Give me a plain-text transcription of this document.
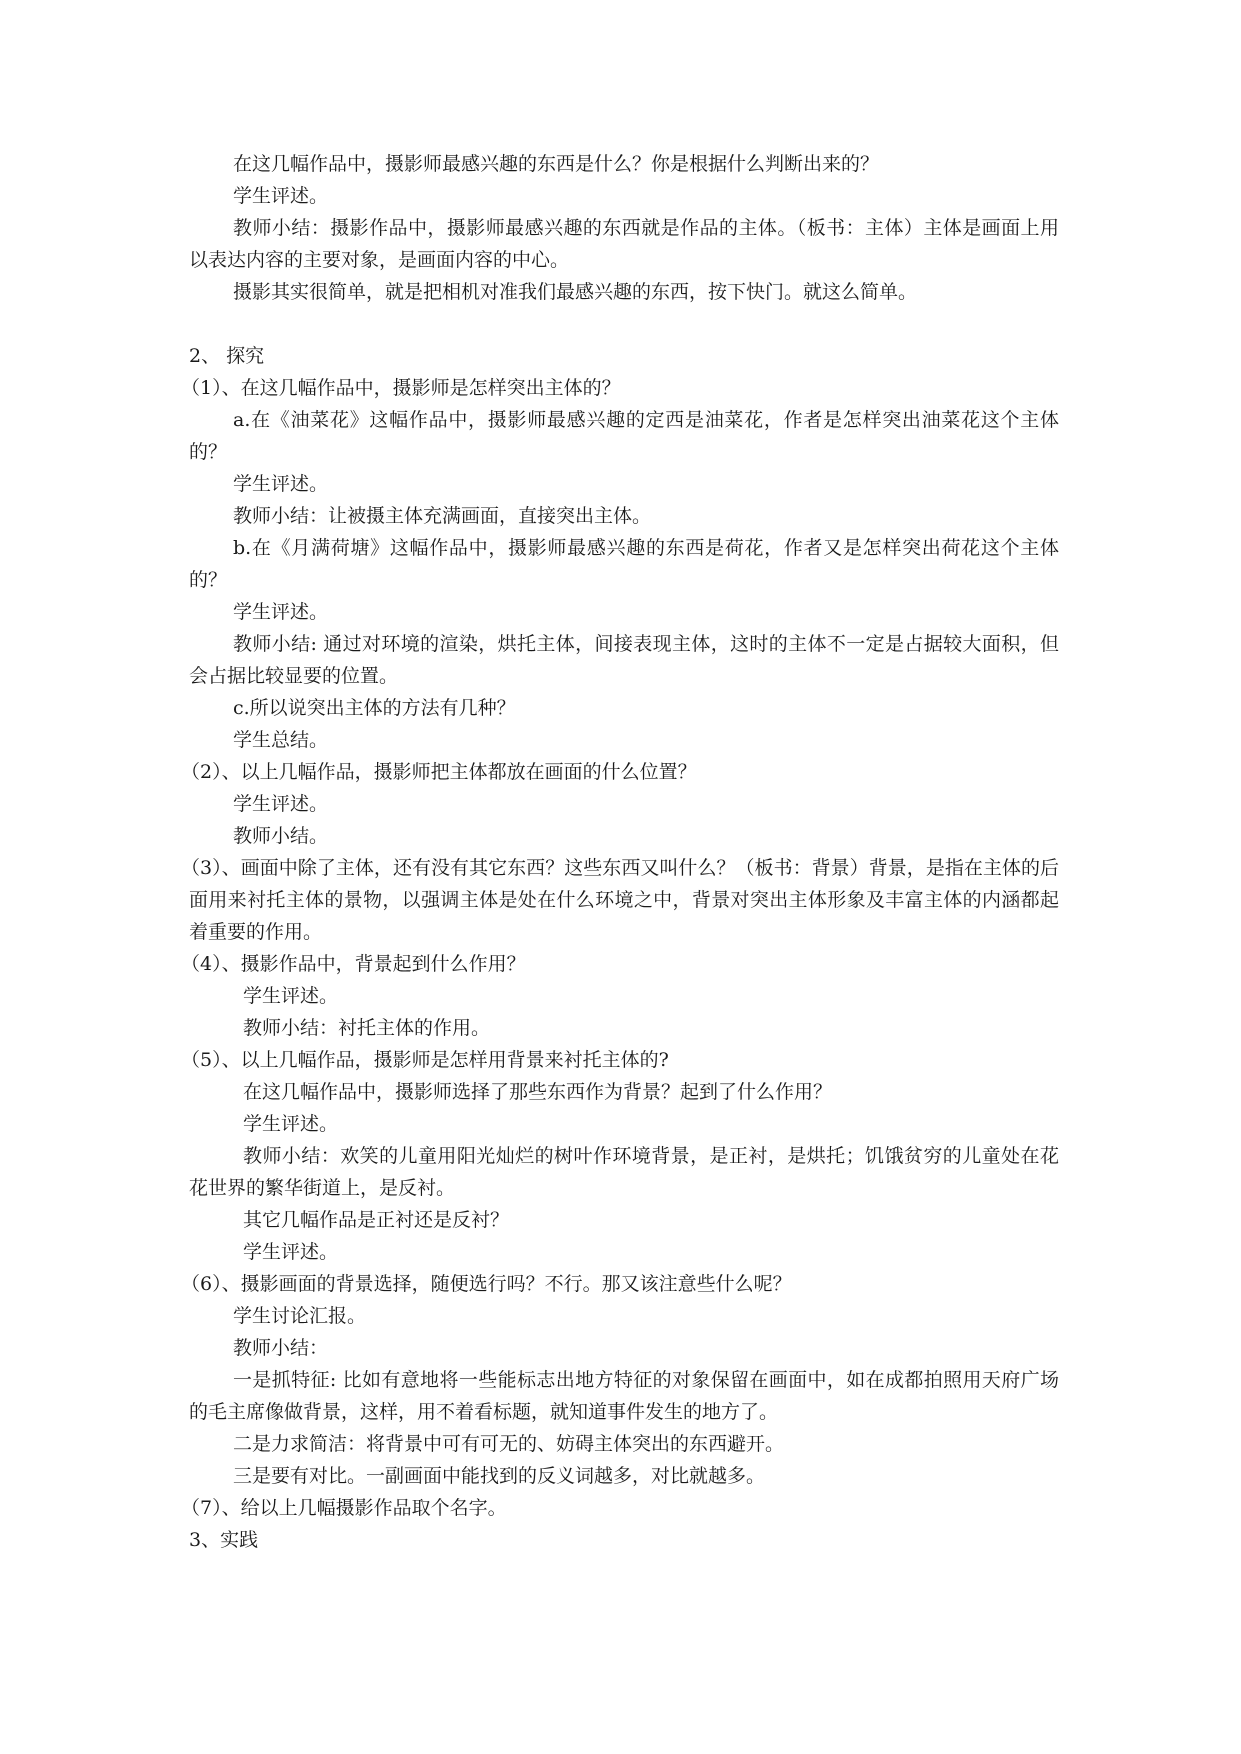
在这几幅作品中，摄影师最感兴趣的东西是什么？你是根据什么判断出来的？
学生评述。
教师小结：摄影作品中，摄影师最感兴趣的东西就是作品的主体。（板书：主体）主体是画面上用以表达内容的主要对象，是画面内容的中心。
摄影其实很简单，就是把相机对准我们最感兴趣的东西，按下快门。就这么简单。
2、 探究
（1）、在这几幅作品中，摄影师是怎样突出主体的？
a.在《油菜花》这幅作品中，摄影师最感兴趣的定西是油菜花，作者是怎样突出油菜花这个主体的？
学生评述。
教师小结：让被摄主体充满画面，直接突出主体。
b.在《月满荷塘》这幅作品中，摄影师最感兴趣的东西是荷花，作者又是怎样突出荷花这个主体的？
学生评述。
教师小结: 通过对环境的渲染，烘托主体，间接表现主体，这时的主体不一定是占据较大面积，但会占据比较显要的位置。
c.所以说突出主体的方法有几种？
学生总结。
（2）、以上几幅作品，摄影师把主体都放在画面的什么位置？
学生评述。
教师小结。
（3）、画面中除了主体，还有没有其它东西？这些东西又叫什么？（板书：背景）背景，是指在主体的后面用来衬托主体的景物，以强调主体是处在什么环境之中，背景对突出主体形象及丰富主体的内涵都起着重要的作用。
（4）、摄影作品中，背景起到什么作用？
学生评述。
教师小结：衬托主体的作用。
（5）、以上几幅作品，摄影师是怎样用背景来衬托主体的?
在这几幅作品中，摄影师选择了那些东西作为背景？起到了什么作用？
学生评述。
教师小结：欢笑的儿童用阳光灿烂的树叶作环境背景，是正衬，是烘托；饥饿贫穷的儿童处在花花世界的繁华街道上，是反衬。
其它几幅作品是正衬还是反衬？
学生评述。
（6）、摄影画面的背景选择，随便选行吗？不行。那又该注意些什么呢？
学生讨论汇报。
教师小结：
一是抓特征: 比如有意地将一些能标志出地方特征的对象保留在画面中，如在成都拍照用天府广场的毛主席像做背景，这样，用不着看标题，就知道事件发生的地方了。
二是力求简洁：将背景中可有可无的、妨碍主体突出的东西避开。
三是要有对比。一副画面中能找到的反义词越多，对比就越多。
（7）、给以上几幅摄影作品取个名字。
3、实践
